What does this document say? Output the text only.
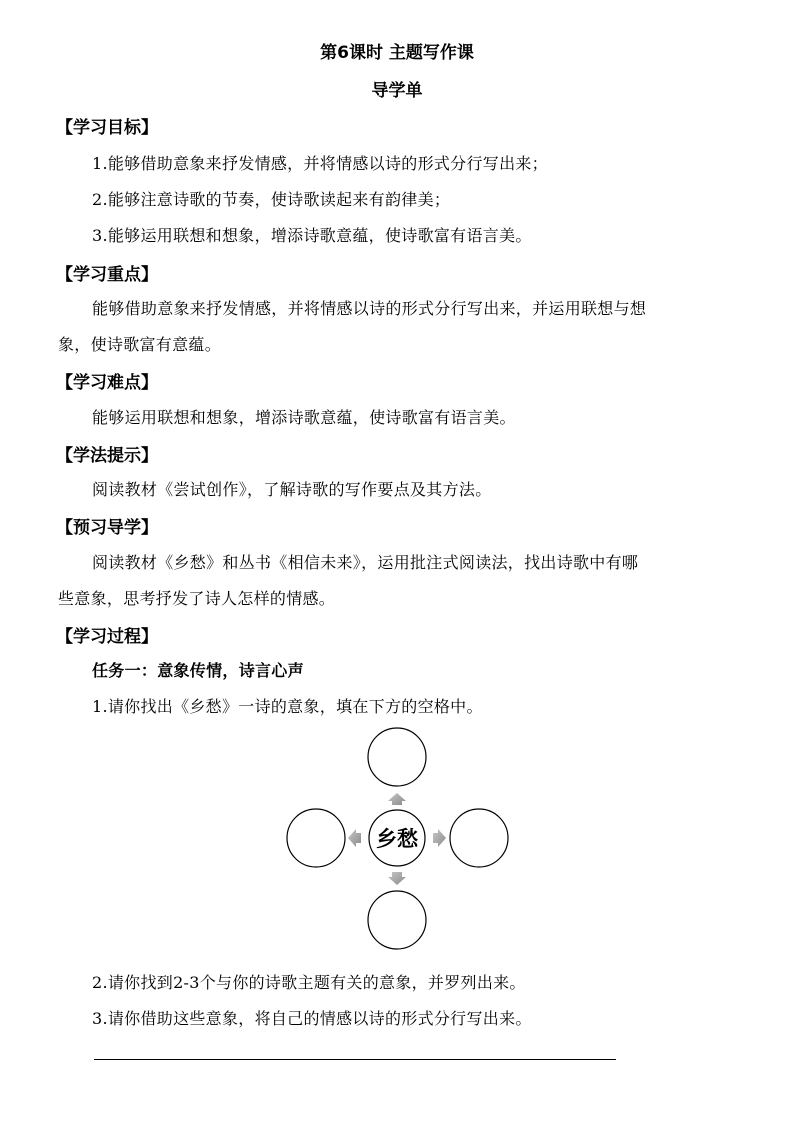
第6课时 主题写作课
导学单
【学习目标】
1.能够借助意象来抒发情感，并将情感以诗的形式分行写出来；
2.能够注意诗歌的节奏，使诗歌读起来有韵律美；
3.能够运用联想和想象，增添诗歌意蕴，使诗歌富有语言美。
【学习重点】
能够借助意象来抒发情感，并将情感以诗的形式分行写出来，并运用联想与想
象，使诗歌富有意蕴。
【学习难点】
能够运用联想和想象，增添诗歌意蕴，使诗歌富有语言美。
【学法提示】
阅读教材《尝试创作》，了解诗歌的写作要点及其方法。
【预习导学】
阅读教材《乡愁》和丛书《相信未来》，运用批注式阅读法，找出诗歌中有哪
些意象，思考抒发了诗人怎样的情感。
【学习过程】
任务一：意象传情，诗言心声
1.请你找出《乡愁》一诗的意象，填在下方的空格中。
乡愁
2.请你找到2-3个与你的诗歌主题有关的意象，并罗列出来。
3.请你借助这些意象，将自己的情感以诗的形式分行写出来。
